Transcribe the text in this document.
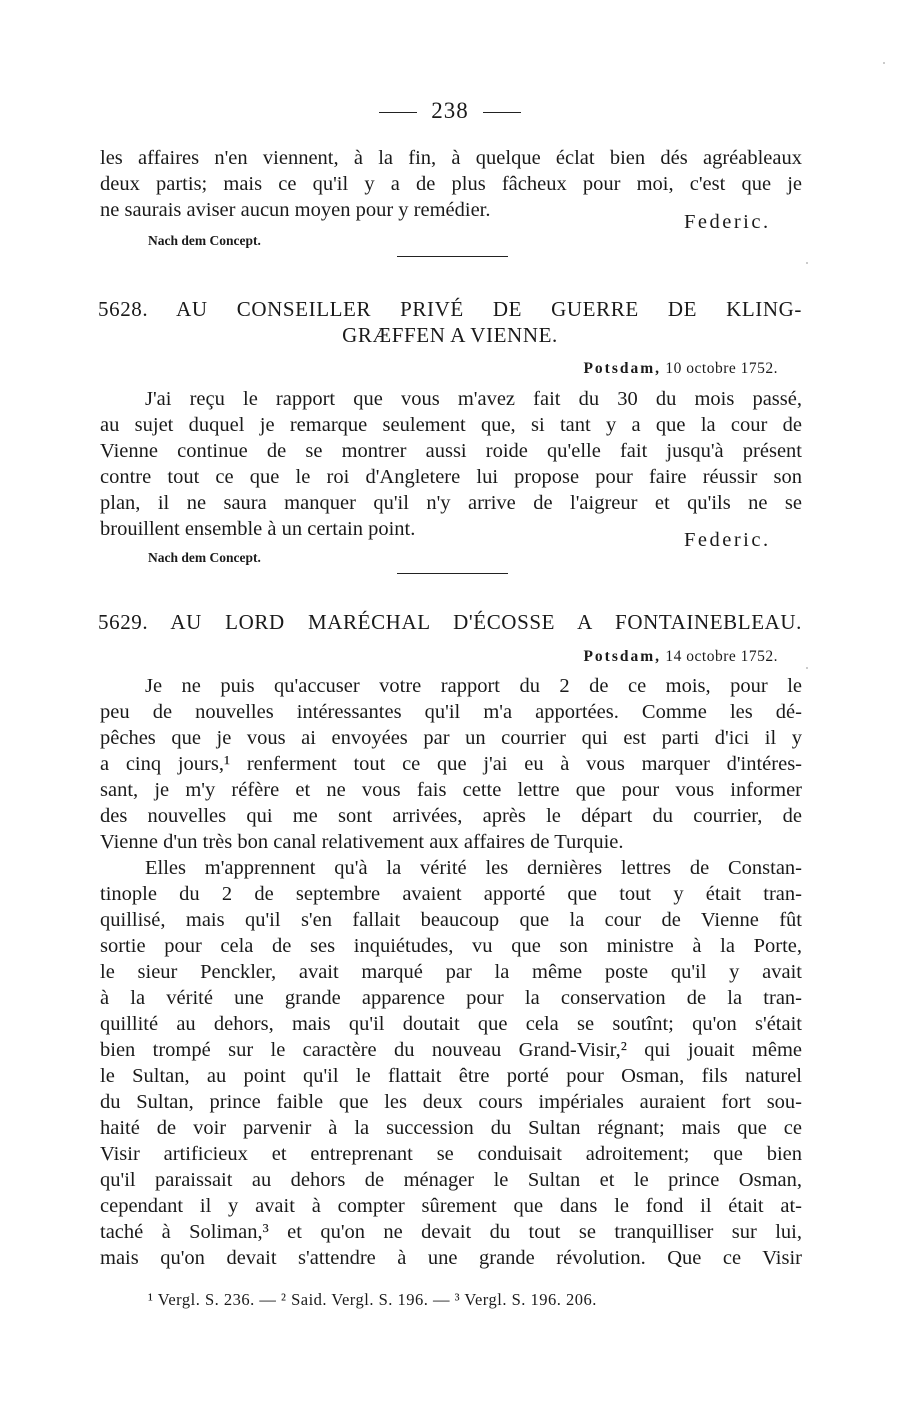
238
les affaires n'en viennent, à la fin, à quelque éclat bien dés agréableaux
deux partis; mais ce qu'il y a de plus fâcheux pour moi, c'est que je
ne saurais aviser aucun moyen pour y remédier.
Federic.
Nach dem Concept.
5628. AU CONSEILLER PRIVÉ DE GUERRE DE KLING-
GRÆFFEN A VIENNE.
Potsdam, 10 octobre 1752.
J'ai reçu le rapport que vous m'avez fait du 30 du mois passé,
au sujet duquel je remarque seulement que, si tant y a que la cour de
Vienne continue de se montrer aussi roide qu'elle fait jusqu'à présent
contre tout ce que le roi d'Angletere lui propose pour faire réussir son
plan, il ne saura manquer qu'il n'y arrive de l'aigreur et qu'ils ne se
brouillent ensemble à un certain point.	Federic.
Nach dem Concept.
5629. AU LORD MARÉCHAL D'ÉCOSSE A FONTAINEBLEAU.
Potsdam, 14 octobre 1752.
Je ne puis qu'accuser votre rapport du 2 de ce mois, pour le
peu de nouvelles intéressantes qu'il m'a apportées. Comme les dé-
pêches que je vous ai envoyées par un courrier qui est parti d'ici il y
a cinq jours,¹ renferment tout ce que j'ai eu à vous marquer d'intéres-
sant, je m'y réfère et ne vous fais cette lettre que pour vous informer
des nouvelles qui me sont arrivées, après le départ du courrier, de
Vienne d'un très bon canal relativement aux affaires de Turquie.
Elles m'apprennent qu'à la vérité les dernières lettres de Constan-
tinople du 2 de septembre avaient apporté que tout y était tran-
quillisé, mais qu'il s'en fallait beaucoup que la cour de Vienne fût
sortie pour cela de ses inquiétudes, vu que son ministre à la Porte,
le sieur Penckler, avait marqué par la même poste qu'il y avait
à la vérité une grande apparence pour la conservation de la tran-
quillité au dehors, mais qu'il doutait que cela se soutînt; qu'on s'était
bien trompé sur le caractère du nouveau Grand-Visir,² qui jouait même
le Sultan, au point qu'il le flattait être porté pour Osman, fils naturel
du Sultan, prince faible que les deux cours impériales auraient fort sou-
haité de voir parvenir à la succession du Sultan régnant; mais que ce
Visir artificieux et entreprenant se conduisait adroitement; que bien
qu'il paraissait au dehors de ménager le Sultan et le prince Osman,
cependant il y avait à compter sûrement que dans le fond il était at-
taché à Soliman,³ et qu'on ne devait du tout se tranquilliser sur lui,
mais qu'on devait s'attendre à une grande révolution. Que ce Visir
¹ Vergl. S. 236. — ² Said. Vergl. S. 196. — ³ Vergl. S. 196. 206.
